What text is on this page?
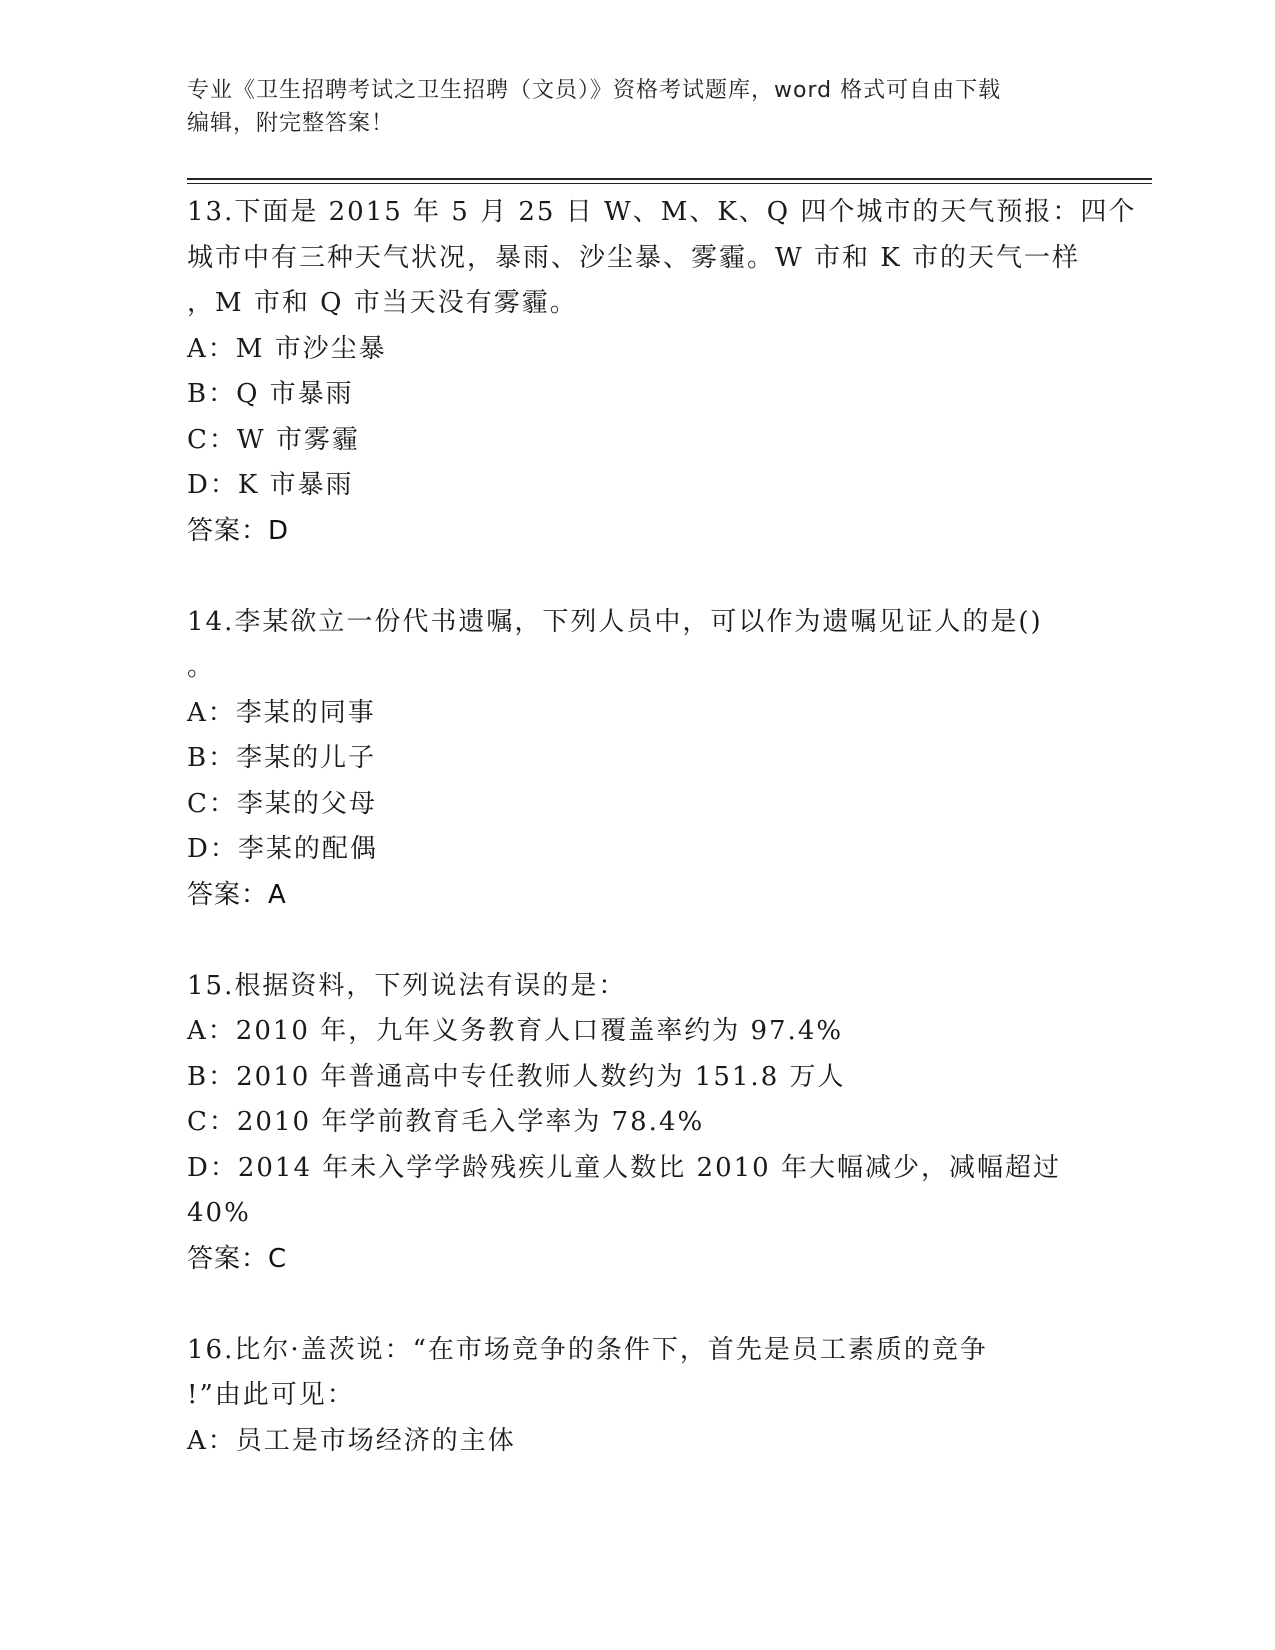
专业《卫生招聘考试之卫生招聘（文员）》资格考试题库，word 格式可自由下载
编辑，附完整答案！
13.下面是 2015 年 5 月 25 日 W、M、K、Q 四个城市的天气预报：四个
城市中有三种天气状况，暴雨、沙尘暴、雾霾。W 市和 K 市的天气一样
，M 市和 Q 市当天没有雾霾。
A：M 市沙尘暴
B：Q 市暴雨
C：W 市雾霾
D：K 市暴雨
答案：D
14.李某欲立一份代书遗嘱，下列人员中，可以作为遗嘱见证人的是()
。
A：李某的同事
B：李某的儿子
C：李某的父母
D：李某的配偶
答案：A
15.根据资料，下列说法有误的是：
A：2010 年，九年义务教育人口覆盖率约为 97.4%
B：2010 年普通高中专任教师人数约为 151.8 万人
C：2010 年学前教育毛入学率为 78.4%
D：2014 年未入学学龄残疾儿童人数比 2010 年大幅减少，减幅超过
40%
答案：C
16.比尔·盖茨说：“在市场竞争的条件下，首先是员工素质的竞争
!”由此可见：
A：员工是市场经济的主体
